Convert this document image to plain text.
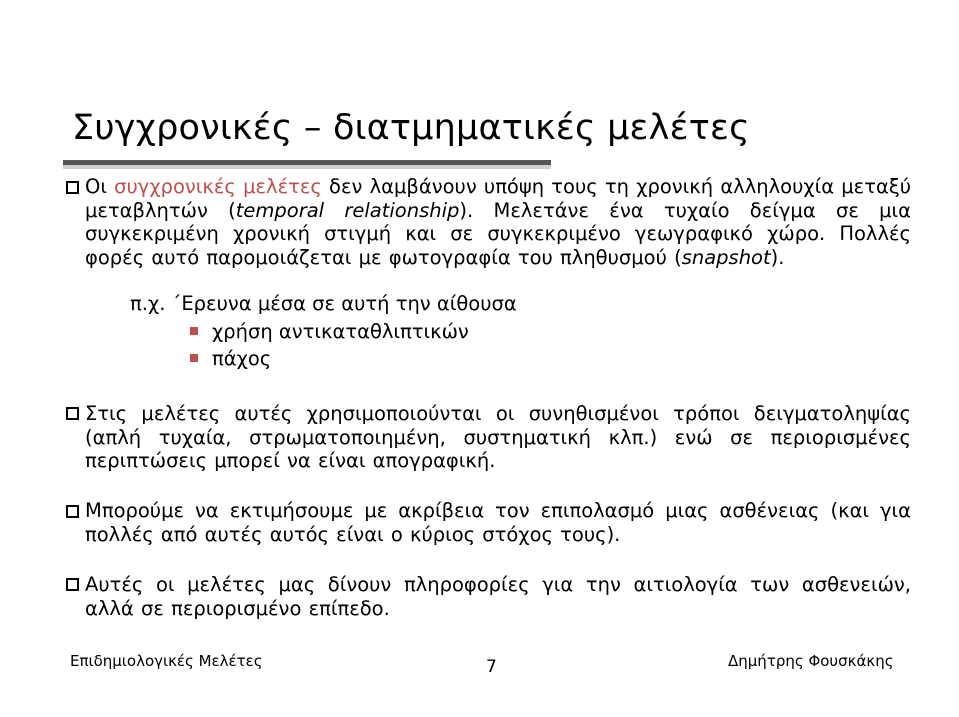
Συγχρονικές – διατμηματικές μελέτες
Οι συγχρονικές μελέτες δεν λαμβάνουν υπόψη τους τη χρονική αλληλουχία μεταξύ μεταβλητών (temporal relationship). Μελετάνε ένα τυχαίο δείγμα σε μια συγκεκριμένη χρονική στιγμή και σε συγκεκριμένο γεωγραφικό χώρο. Πολλές φορές αυτό παρομοιάζεται με φωτογραφία του πληθυσμού (snapshot).
π.χ. ΄Ερευνα μέσα σε αυτή την αίθουσα
χρήση αντικαταθλιπτικών
πάχος
Στις μελέτες αυτές χρησιμοποιούνται οι συνηθισμένοι τρόποι δειγματοληψίας (απλή τυχαία, στρωματοποιημένη, συστηματική κλπ.) ενώ σε περιορισμένες περιπτώσεις μπορεί να είναι απογραφική.
Μπορούμε να εκτιμήσουμε με ακρίβεια τον επιπολασμό μιας ασθένειας (και για πολλές από αυτές αυτός είναι ο κύριος στόχος τους).
Αυτές οι μελέτες μας δίνουν πληροφορίες για την αιτιολογία των ασθενειών, αλλά σε περιορισμένο επίπεδο.
Επιδημιολογικές Μελέτες	7	Δημήτρης Φουσκάκης
